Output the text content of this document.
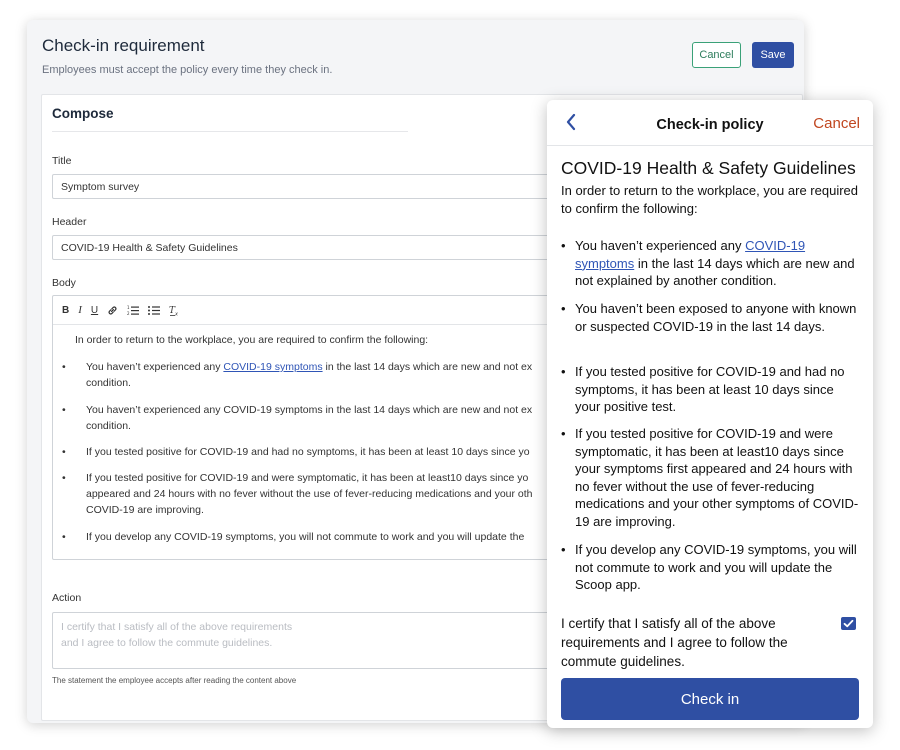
Check-in requirement
Employees must accept the policy every time they check in.
Cancel	Save
Compose
Title
Symptom survey
Header
COVID-19 Health & Safety Guidelines
Body
B I U	1
2	T x
In order to return to the workplace, you are required to confirm the following:
• You haven’t experienced any COVID-19 symptoms in the last 14 days which are new and not ex
condition.
• You haven’t experienced any COVID-19 symptoms in the last 14 days which are new and not ex
condition.
• If you tested positive for COVID-19 and had no symptoms, it has been at least 10 days since yo
• If you tested positive for COVID-19 and were symptomatic, it has been at least10 days since yo
appeared and 24 hours with no fever without the use of fever-reducing medications and your oth
COVID-19 are improving.
• If you develop any COVID-19 symptoms, you will not commute to work and you will update the
Action
I certify that I satisfy all of the above requirements
and I agree to follow the commute guidelines.
The statement the employee accepts after reading the content above
Check-in policy	Cancel
COVID-19 Health & Safety Guidelines
In order to return to the workplace, you are required to confirm the following:
• You haven’t experienced any COVID-19 symptoms in the last 14 days which are new and not explained by another condition.
• You haven’t been exposed to anyone with known or suspected COVID-19 in the last 14 days.
• If you tested positive for COVID-19 and had no symptoms, it has been at least 10 days since your positive test.
• If you tested positive for COVID-19 and were symptomatic, it has been at least10 days since your symptoms first appeared and 24 hours with no fever without the use of fever-reducing medications and your other symptoms of COVID-19 are improving.
• If you develop any COVID-19 symptoms, you will not commute to work and you will update the Scoop app.
I certify that I satisfy all of the above requirements and I agree to follow the commute guidelines.
Check in
